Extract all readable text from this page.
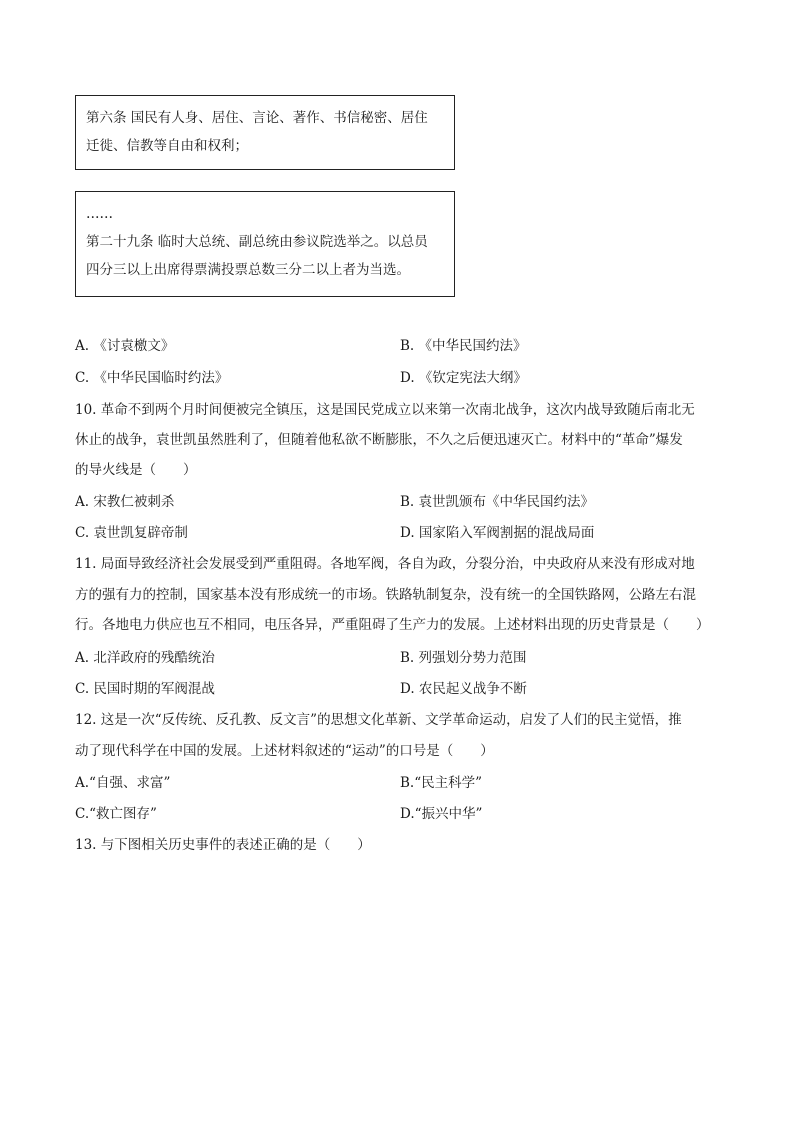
第六条 国民有人身、居住、言论、著作、书信秘密、居住

迁徙、信教等自由和权利；

……

第二十九条 临时大总统、副总统由参议院选举之。以总员

四分三以上出席得票满投票总数三分二以上者为当选。

A. 《讨袁檄文》	B. 《中华民国约法》
C. 《中华民国临时约法》	D. 《钦定宪法大纲》
10. 革命不到两个月时间便被完全镇压，这是国民党成立以来第一次南北战争，这次内战导致随后南北无
休止的战争，袁世凯虽然胜利了，但随着他私欲不断膨胀，不久之后便迅速灭亡。材料中的“革命”爆发
的导火线是（　　）
A. 宋教仁被刺杀	B. 袁世凯颁布《中华民国约法》
C. 袁世凯复辟帝制	D. 国家陷入军阀割据的混战局面
11. 局面导致经济社会发展受到严重阻碍。各地军阀，各自为政，分裂分治，中央政府从来没有形成对地
方的强有力的控制，国家基本没有形成统一的市场。铁路轨制复杂，没有统一的全国铁路网，公路左右混
行。各地电力供应也互不相同，电压各异，严重阻碍了生产力的发展。上述材料出现的历史背景是（　　）
A. 北洋政府的残酷统治	B. 列强划分势力范围
C. 民国时期的军阀混战	D. 农民起义战争不断
12. 这是一次“反传统、反孔教、反文言”的思想文化革新、文学革命运动，启发了人们的民主觉悟，推
动了现代科学在中国的发展。上述材料叙述的“运动”的口号是（　　）
A.“自强、求富”	B.“民主科学”
C.“救亡图存”	D.“振兴中华”
13. 与下图相关历史事件的表述正确的是（　　）
